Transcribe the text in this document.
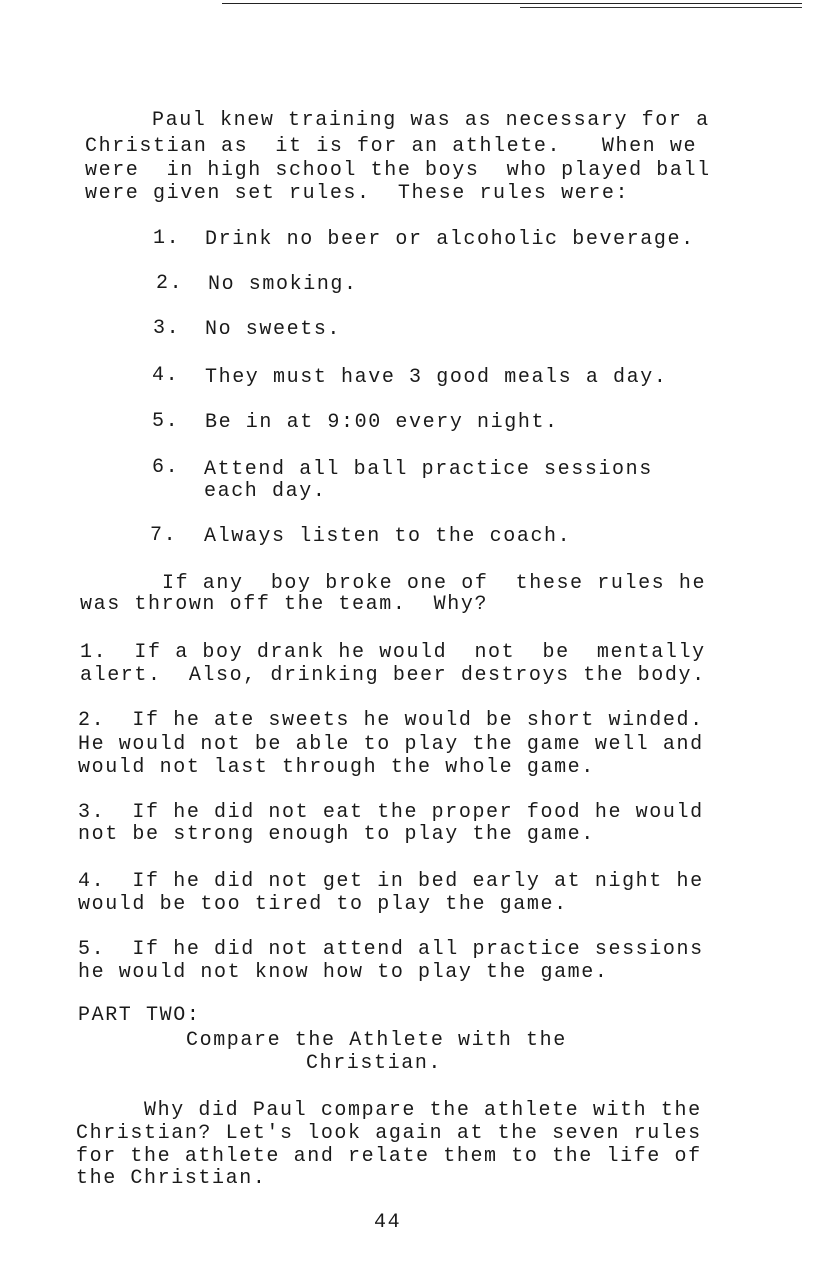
Paul knew training was as necessary for a
Christian as  it is for an athlete.   When we
were  in high school the boys  who played ball
were given set rules.  These rules were:
1. Drink no beer or alcoholic beverage.
2. No smoking.
3. No sweets.
4. They must have 3 good meals a day.
5. Be in at 9:00 every night.
6. Attend all ball practice sessions
each day.
7. Always listen to the coach.
If any  boy broke one of  these rules he
was thrown off the team.  Why?
1.  If a boy drank he would  not  be  mentally
alert.  Also, drinking beer destroys the body.
2.  If he ate sweets he would be short winded.
He would not be able to play the game well and
would not last through the whole game.
3.  If he did not eat the proper food he would
not be strong enough to play the game.
4.  If he did not get in bed early at night he
would be too tired to play the game.
5.  If he did not attend all practice sessions
he would not know how to play the game.
PART TWO:
Compare the Athlete with the
Christian.
Why did Paul compare the athlete with the
Christian? Let's look again at the seven rules
for the athlete and relate them to the life of
the Christian.
44
